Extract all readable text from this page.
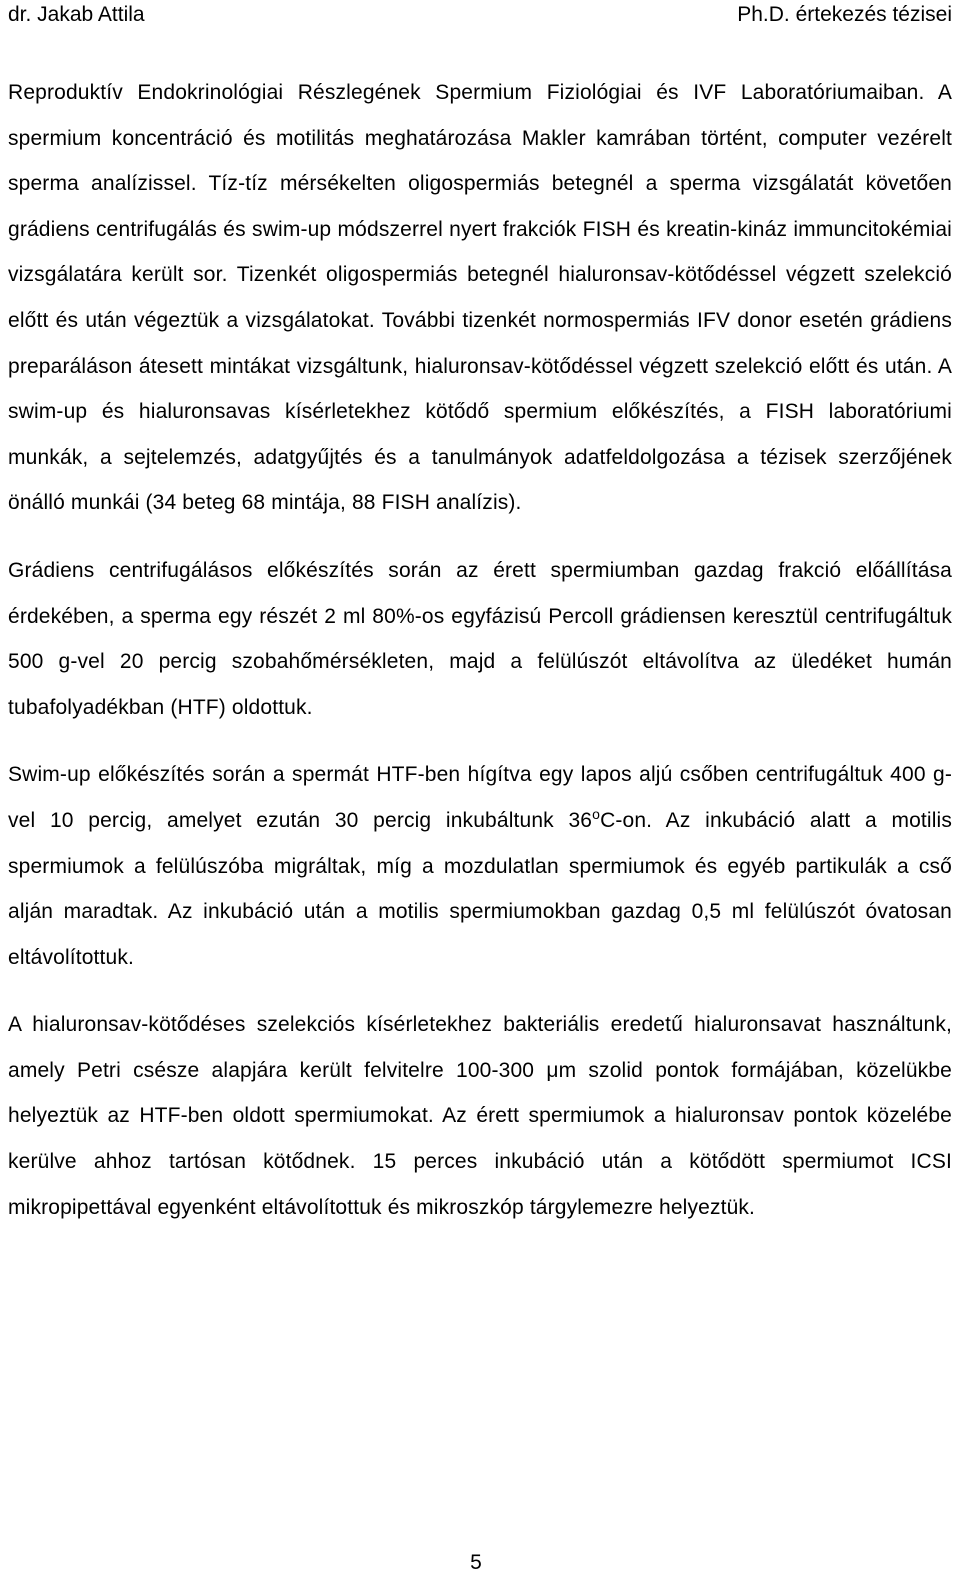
dr. Jakab Attila	Ph.D. értekezés tézisei

Reproduktív Endokrinológiai Részlegének Spermium Fiziológiai és IVF Laboratóriumaiban. A spermium koncentráció és motilitás meghatározása Makler kamrában történt, computer vezérelt sperma analízissel. Tíz-tíz mérsékelten oligospermiás betegnél a sperma vizsgálatát követően grádiens centrifugálás és swim-up módszerrel nyert frakciók FISH és kreatin-kináz immuncitokémiai vizsgálatára került sor. Tizenkét oligospermiás betegnél hialuronsav-kötődéssel végzett szelekció előtt és után végeztük a vizsgálatokat. További tizenkét normospermiás IFV donor esetén grádiens preparáláson átesett mintákat vizsgáltunk, hialuronsav-kötődéssel végzett szelekció előtt és után. A swim-up és hialuronsavas kísérletekhez kötődő spermium előkészítés, a FISH laboratóriumi munkák, a sejtelemzés, adatgyűjtés és a tanulmányok adatfeldolgozása a tézisek szerzőjének önálló munkái (34 beteg 68 mintája, 88 FISH analízis).

Grádiens centrifugálásos előkészítés során az érett spermiumban gazdag frakció előállítása érdekében, a sperma egy részét 2 ml 80%-os egyfázisú Percoll grádiensen keresztül centrifugáltuk 500 g-vel 20 percig szobahőmérsékleten, majd a felülúszót eltávolítva az üledéket humán tubafolyadékban (HTF) oldottuk.

Swim-up előkészítés során a spermát HTF-ben hígítva egy lapos aljú csőben centrifugáltuk 400 g-vel 10 percig, amelyet ezután 30 percig inkubáltunk 36$^o$C-on. Az inkubáció alatt a motilis spermiumok a felülúszóba migráltak, míg a mozdulatlan spermiumok és egyéb partikulák a cső alján maradtak. Az inkubáció után a motilis spermiumokban gazdag 0,5 ml felülúszót óvatosan eltávolítottuk.

A hialuronsav-kötődéses szelekciós kísérletekhez bakteriális eredetű hialuronsavat használtunk, amely Petri csésze alapjára került felvitelre 100-300 μm szolid pontok formájában, közelükbe helyeztük az HTF-ben oldott spermiumokat. Az érett spermiumok a hialuronsav pontok közelébe kerülve ahhoz tartósan kötődnek. 15 perces inkubáció után a kötődött spermiumot ICSI mikropipettával egyenként eltávolítottuk és mikroszkóp tárgylemezre helyeztük.

5
